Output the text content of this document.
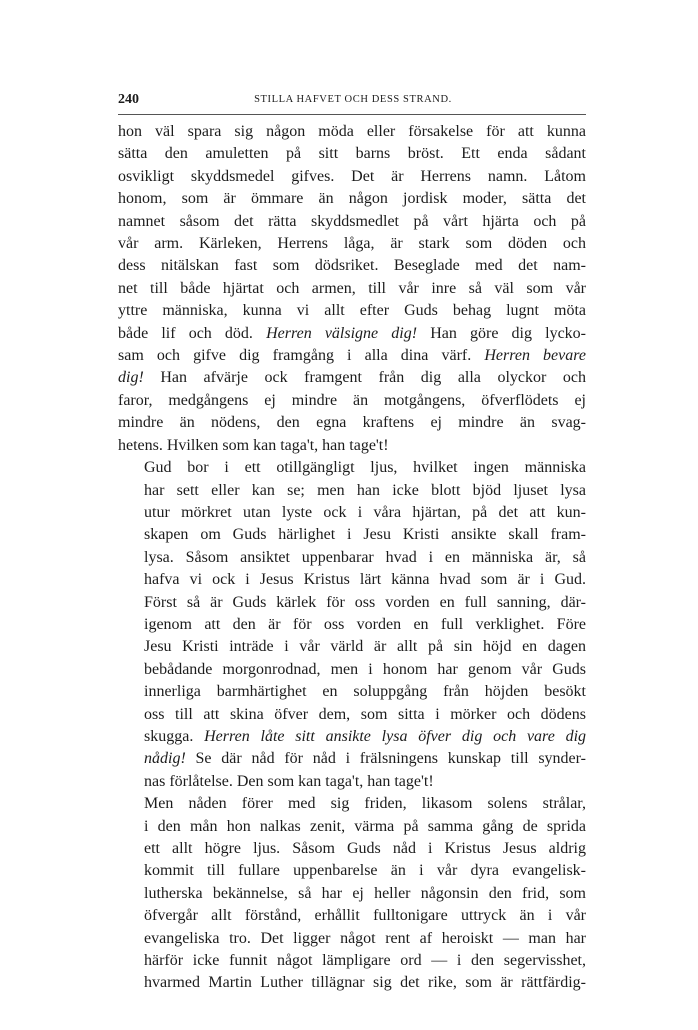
240	STILLA HAFVET OCH DESS STRAND.

hon väl spara sig någon möda eller försakelse för att kunna
sätta den amuletten på sitt barns bröst. Ett enda sådant
osvikligt skyddsmedel gifves. Det är Herrens namn. Låtom
honom, som är ömmare än någon jordisk moder, sätta det
namnet såsom det rätta skyddsmedlet på vårt hjärta och på
vår arm. Kärleken, Herrens låga, är stark som döden och
dess nitälskan fast som dödsriket. Beseglade med det nam-
net till både hjärtat och armen, till vår inre så väl som vår
yttre människa, kunna vi allt efter Guds behag lugnt möta
både lif och död. Herren välsigne dig! Han göre dig lycko-
sam och gifve dig framgång i alla dina värf. Herren bevare
dig! Han afvärje ock framgent från dig alla olyckor och
faror, medgångens ej mindre än motgångens, öfverflödets ej
mindre än nödens, den egna kraftens ej mindre än svag-
hetens. Hvilken som kan taga't, han tage't!

Gud bor i ett otillgängligt ljus, hvilket ingen människa
har sett eller kan se; men han icke blott bjöd ljuset lysa
utur mörkret utan lyste ock i våra hjärtan, på det att kun-
skapen om Guds härlighet i Jesu Kristi ansikte skall fram-
lysa. Såsom ansiktet uppenbarar hvad i en människa är, så
hafva vi ock i Jesus Kristus lärt känna hvad som är i Gud.
Först så är Guds kärlek för oss vorden en full sanning, där-
igenom att den är för oss vorden en full verklighet. Före
Jesu Kristi inträde i vår värld är allt på sin höjd en dagen
bebådande morgonrodnad, men i honom har genom vår Guds
innerliga barmhärtighet en soluppgång från höjden besökt
oss till att skina öfver dem, som sitta i mörker och dödens
skugga. Herren låte sitt ansikte lysa öfver dig och vare dig
nådig! Se där nåd för nåd i frälsningens kunskap till synder-
nas förlåtelse. Den som kan taga't, han tage't!

Men nåden förer med sig friden, likasom solens strålar,
i den mån hon nalkas zenit, värma på samma gång de sprida
ett allt högre ljus. Såsom Guds nåd i Kristus Jesus aldrig
kommit till fullare uppenbarelse än i vår dyra evangelisk-
lutherska bekännelse, så har ej heller någonsin den frid, som
öfvergår allt förstånd, erhållit fulltonigare uttryck än i vår
evangeliska tro. Det ligger något rent af heroiskt — man har
härför icke funnit något lämpligare ord — i den segervisshet,
hvarmed Martin Luther tillägnar sig det rike, som är rättfärdig-
